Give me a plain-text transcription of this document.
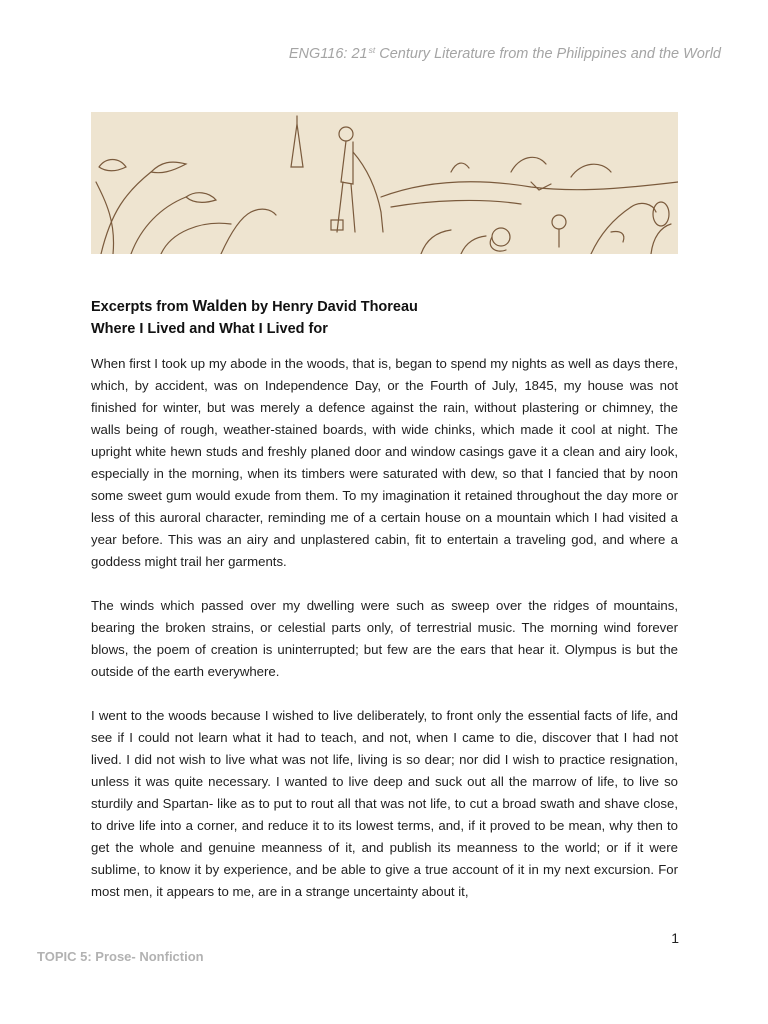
ENG116: 21st Century Literature from the Philippines and the World
Excerpts from Walden by Henry David Thoreau
Where I Lived and What I Lived for

When first I took up my abode in the woods, that is, began to spend my nights as well as days there, which, by accident, was on Independence Day, or the Fourth of July, 1845, my house was not finished for winter, but was merely a defence against the rain, without plastering or chimney, the walls being of rough, weather-stained boards, with wide chinks, which made it cool at night. The upright white hewn studs and freshly planed door and window casings gave it a clean and airy look, especially in the morning, when its timbers were saturated with dew, so that I fancied that by noon some sweet gum would exude from them. To my imagination it retained throughout the day more or less of this auroral character, reminding me of a certain house on a mountain which I had visited a year before. This was an airy and unplastered cabin, fit to entertain a traveling god, and where a goddess might trail her garments.

The winds which passed over my dwelling were such as sweep over the ridges of mountains, bearing the broken strains, or celestial parts only, of terrestrial music. The morning wind forever blows, the poem of creation is uninterrupted; but few are the ears that hear it. Olympus is but the outside of the earth everywhere.

I went to the woods because I wished to live deliberately, to front only the essential facts of life, and see if I could not learn what it had to teach, and not, when I came to die, discover that I had not lived. I did not wish to live what was not life, living is so dear; nor did I wish to practice resignation, unless it was quite necessary. I wanted to live deep and suck out all the marrow of life, to live so sturdily and Spartan- like as to put to rout all that was not life, to cut a broad swath and shave close, to drive life into a corner, and reduce it to its lowest terms, and, if it proved to be mean, why then to get the whole and genuine meanness of it, and publish its meanness to the world; or if it were sublime, to know it by experience, and be able to give a true account of it in my next excursion. For most men, it appears to me, are in a strange uncertainty about it,

1
TOPIC 5: Prose- Nonfiction
